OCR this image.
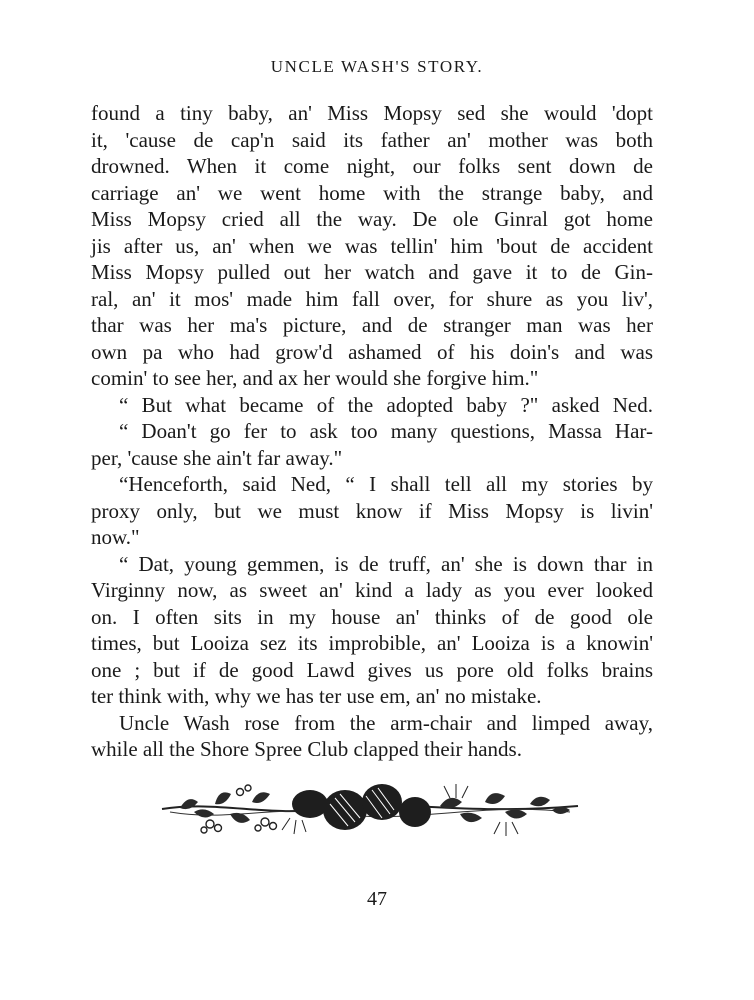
UNCLE WASH'S STORY.
found a tiny baby, an' Miss Mopsy sed she would 'dopt
it, 'cause de cap'n said its father an' mother was both
drowned. When it come night, our folks sent down de
carriage an' we went home with the strange baby, and
Miss Mopsy cried all the way. De ole Ginral got home
jis after us, an' when we was tellin' him 'bout de accident
Miss Mopsy pulled out her watch and gave it to de Gin-
ral, an' it mos' made him fall over, for shure as you liv',
thar was her ma's picture, and de stranger man was her
own pa who had grow'd ashamed of his doin's and was
comin' to see her, and ax her would she forgive him."
“ But what became of the adopted baby ?" asked Ned.
“ Doan't go fer to ask too many questions, Massa Har-
per, 'cause she ain't far away."
“Henceforth, said Ned, “ I shall tell all my stories by
proxy only, but we must know if Miss Mopsy is livin'
now."
“ Dat, young gemmen, is de truff, an' she is down thar in
Virginny now, as sweet an' kind a lady as you ever looked
on. I often sits in my house an' thinks of de good ole
times, but Looiza sez its improbible, an' Looiza is a knowin'
one ; but if de good Lawd gives us pore old folks brains
ter think with, why we has ter use em, an' no mistake.
Uncle Wash rose from the arm-chair and limped away,
while all the Shore Spree Club clapped their hands.
47
